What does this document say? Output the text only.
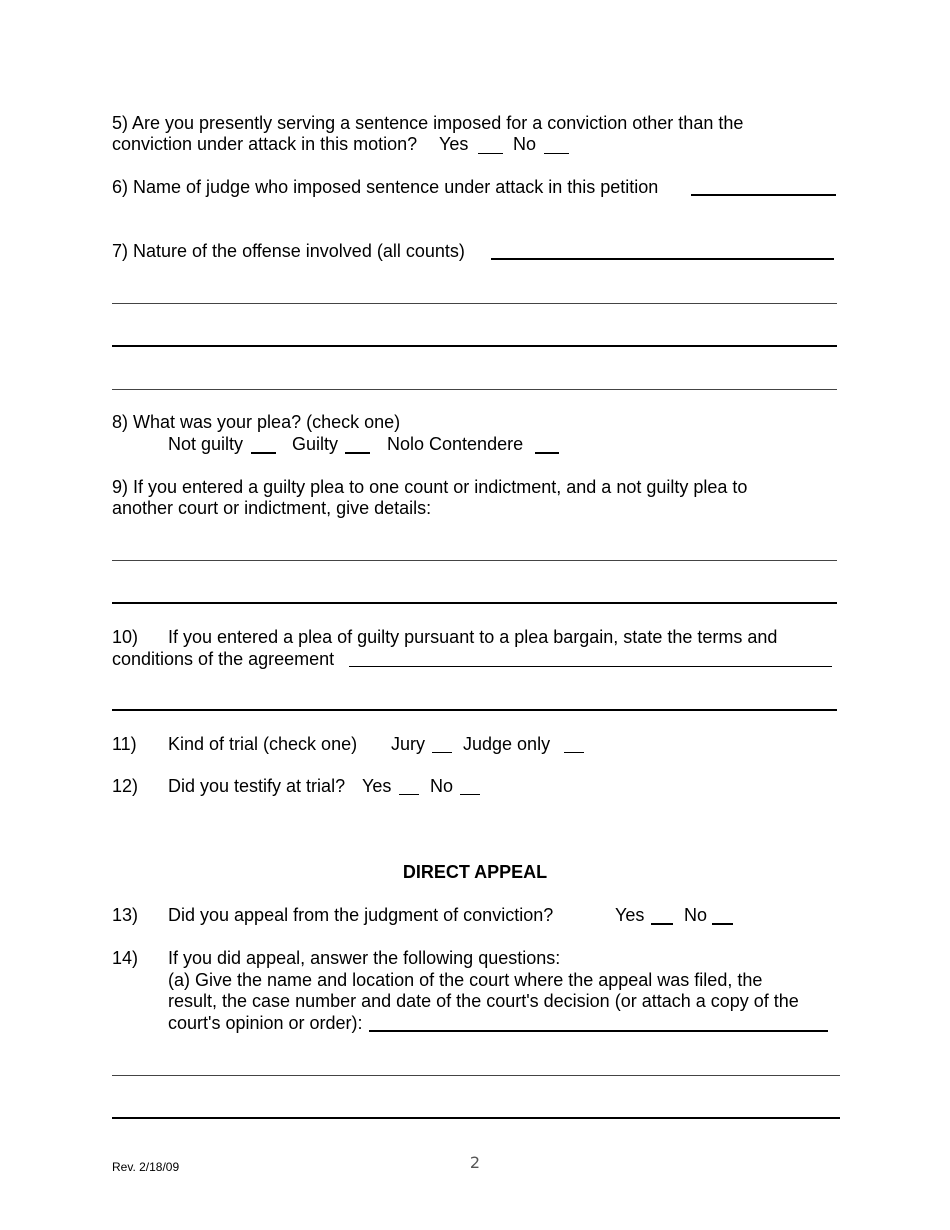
5) Are you presently serving a sentence imposed for a conviction other than the
conviction under attack in this motion? Yes No
6) Name of judge who imposed sentence under attack in this petition
7) Nature of the offense involved (all counts)
8) What was your plea? (check one)
Not guilty	Guilty	Nolo Contendere
9) If you entered a guilty plea to one count or indictment, and a not guilty plea to
another court or indictment, give details:
10) If you entered a plea of guilty pursuant to a plea bargain, state the terms and
conditions of the agreement
11) Kind of trial (check one) Jury Judge only
12) Did you testify at trial? Yes No
DIRECT APPEAL
13) Did you appeal from the judgment of conviction?	Yes No
14) If you did appeal, answer the following questions:
(a) Give the name and location of the court where the appeal was filed, the
result, the case number and date of the court's decision (or attach a copy of the
court's opinion or order):
Rev. 2/18/09	2
